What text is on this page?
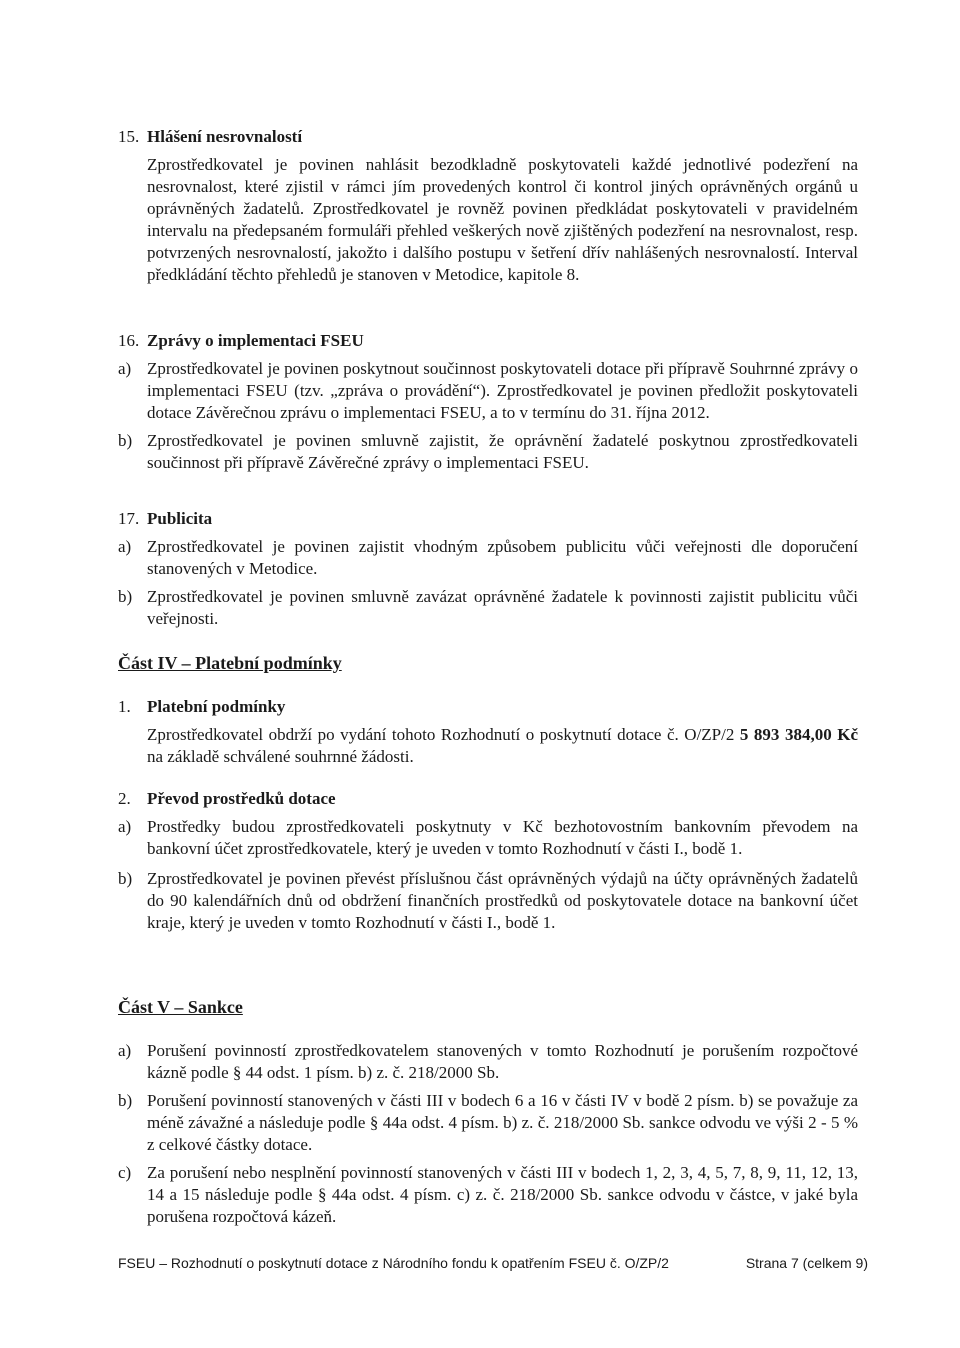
15. Hlášení nesrovnalostí
Zprostředkovatel je povinen nahlásit bezodkladně poskytovateli každé jednotlivé podezření na nesrovnalost, které zjistil v rámci jím provedených kontrol či kontrol jiných oprávněných orgánů u oprávněných žadatelů. Zprostředkovatel je rovněž povinen předkládat poskytovateli v pravidelném intervalu na předepsaném formuláři přehled veškerých nově zjištěných podezření na nesrovnalost, resp. potvrzených nesrovnalostí, jakožto i dalšího postupu v šetření dřív nahlášených nesrovnalostí. Interval předkládání těchto přehledů je stanoven v Metodice, kapitole 8.
16. Zprávy o implementaci FSEU
a) Zprostředkovatel je povinen poskytnout součinnost poskytovateli dotace při přípravě Souhrnné zprávy o implementaci FSEU (tzv. „zpráva o provádění“). Zprostředkovatel je povinen předložit poskytovateli dotace Závěrečnou zprávu o implementaci FSEU, a to v termínu do 31. října 2012.
b) Zprostředkovatel je povinen smluvně zajistit, že oprávnění žadatelé poskytnou zprostředkovateli součinnost při přípravě Závěrečné zprávy o implementaci FSEU.
17. Publicita
a) Zprostředkovatel je povinen zajistit vhodným způsobem publicitu vůči veřejnosti dle doporučení stanovených v Metodice.
b) Zprostředkovatel je povinen smluvně zavázat oprávněné žadatele k povinnosti zajistit publicitu vůči veřejnosti.
Část IV – Platební podmínky
1. Platební podmínky
Zprostředkovatel obdrží po vydání tohoto Rozhodnutí o poskytnutí dotace č. O/ZP/2 5 893 384,00 Kč na základě schválené souhrnné žádosti.
2. Převod prostředků dotace
a) Prostředky budou zprostředkovateli poskytnuty v Kč bezhotovostním bankovním převodem na bankovní účet zprostředkovatele, který je uveden v tomto Rozhodnutí v části I., bodě 1.
b) Zprostředkovatel je povinen převést příslušnou část oprávněných výdajů na účty oprávněných žadatelů do 90 kalendářních dnů od obdržení finančních prostředků od poskytovatele dotace na bankovní účet kraje, který je uveden v tomto Rozhodnutí v části I., bodě 1.
Část V – Sankce
a) Porušení povinností zprostředkovatelem stanovených v tomto Rozhodnutí je porušením rozpočtové kázně podle § 44 odst. 1 písm. b) z. č. 218/2000 Sb.
b) Porušení povinností stanovených v části III v bodech 6 a 16 v části IV v bodě 2 písm. b) se považuje za méně závažné a následuje podle § 44a odst. 4 písm. b) z. č. 218/2000 Sb. sankce odvodu ve výši 2 - 5 % z celkové částky dotace.
c) Za porušení nebo nesplnění povinností stanovených v části III v bodech 1, 2, 3, 4, 5, 7, 8, 9, 11, 12, 13, 14 a 15 následuje podle § 44a odst. 4 písm. c) z. č. 218/2000 Sb. sankce odvodu v částce, v jaké byla porušena rozpočtová kázeň.
FSEU – Rozhodnutí o poskytnutí dotace z Národního fondu k opatřením FSEU č. O/ZP/2	Strana 7 (celkem 9)
